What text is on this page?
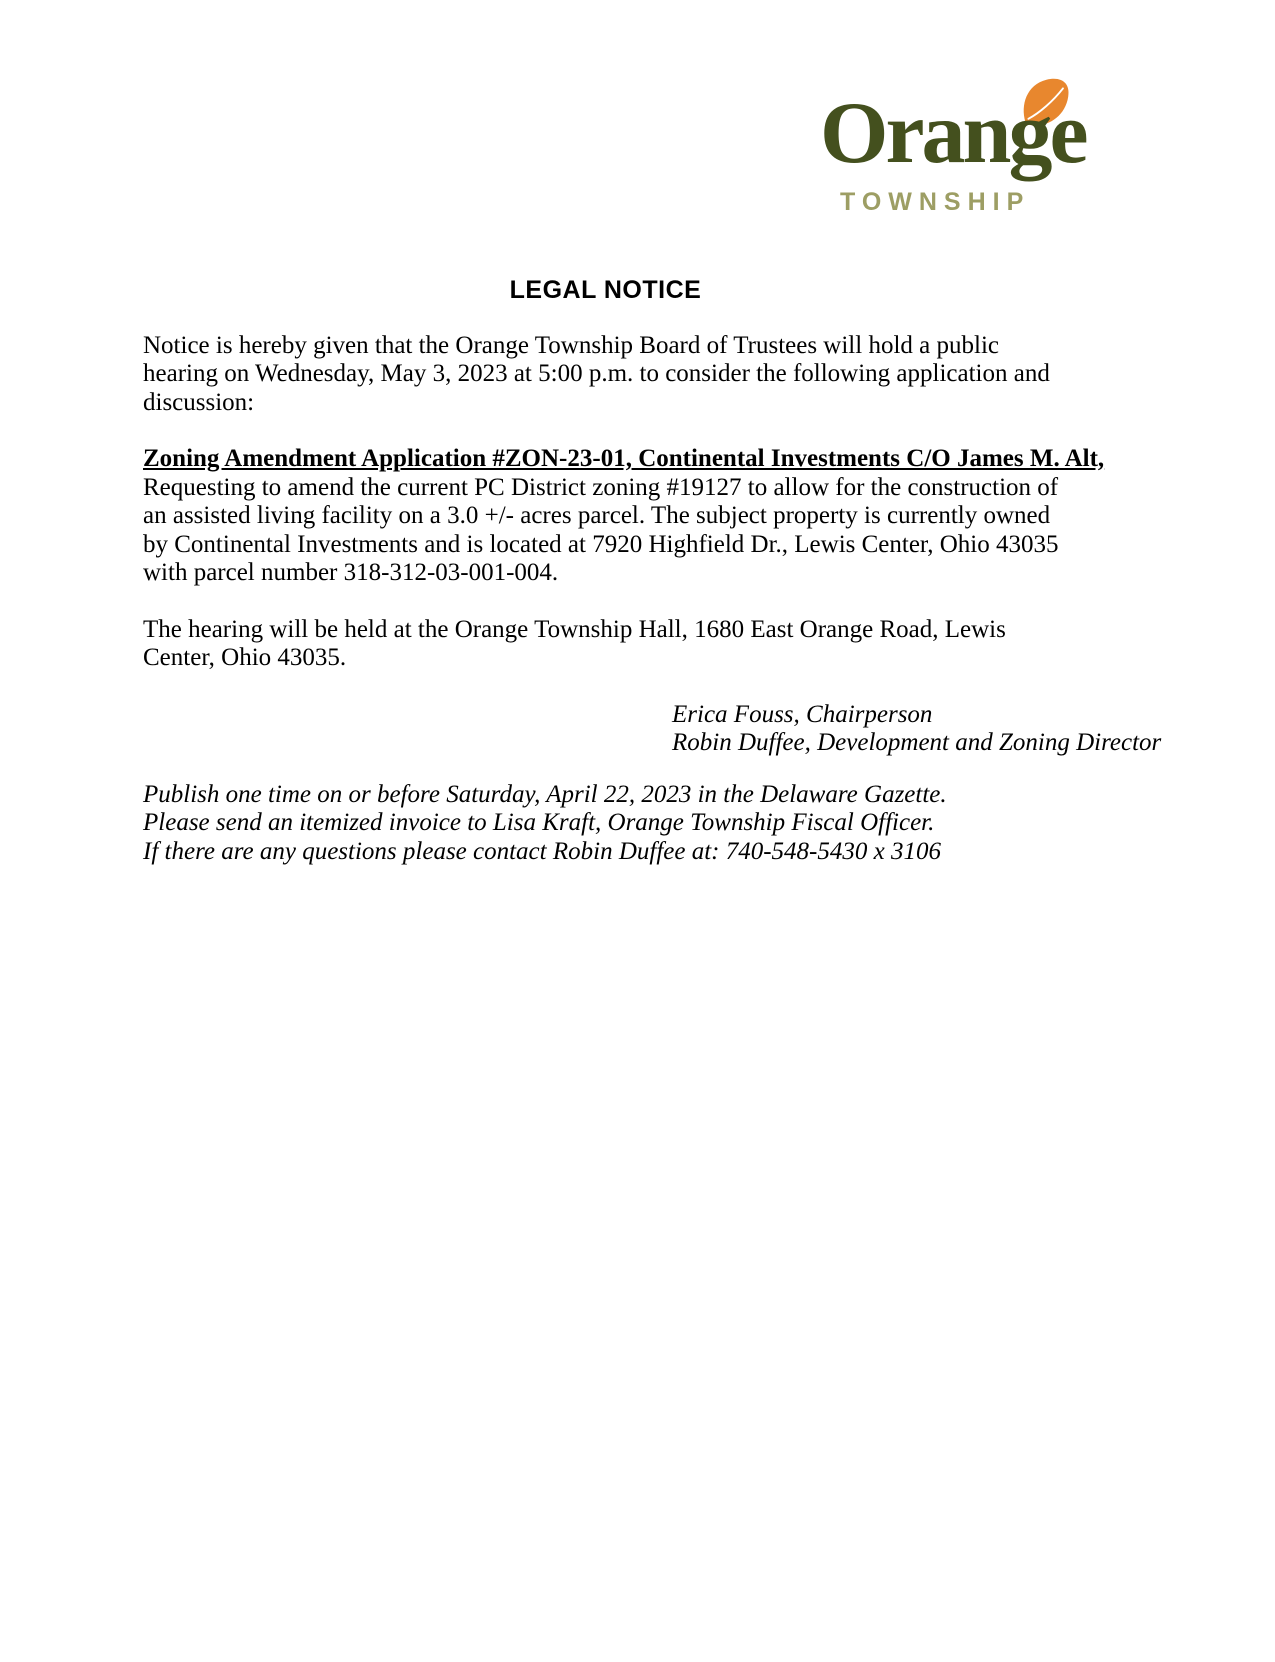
Orange
TOWNSHIP
LEGAL NOTICE

Notice is hereby given that the Orange Township Board of Trustees will hold a public hearing on Wednesday, May 3, 2023 at 5:00 p.m. to consider the following application and discussion:

Zoning Amendment Application #ZON-23-01, Continental Investments C/O James M. Alt,
Requesting to amend the current PC District zoning #19127 to allow for the construction of an assisted living facility on a 3.0 +/- acres parcel. The subject property is currently owned by Continental Investments and is located at 7920 Highfield Dr., Lewis Center, Ohio 43035 with parcel number 318-312-03-001-004.

The hearing will be held at the Orange Township Hall, 1680 East Orange Road, Lewis Center, Ohio 43035.

Erica Fouss, Chairperson
Robin Duffee, Development and Zoning Director
Publish one time on or before Saturday, April 22, 2023 in the Delaware Gazette.
Please send an itemized invoice to Lisa Kraft, Orange Township Fiscal Officer.
If there are any questions please contact Robin Duffee at: 740-548-5430 x 3106
